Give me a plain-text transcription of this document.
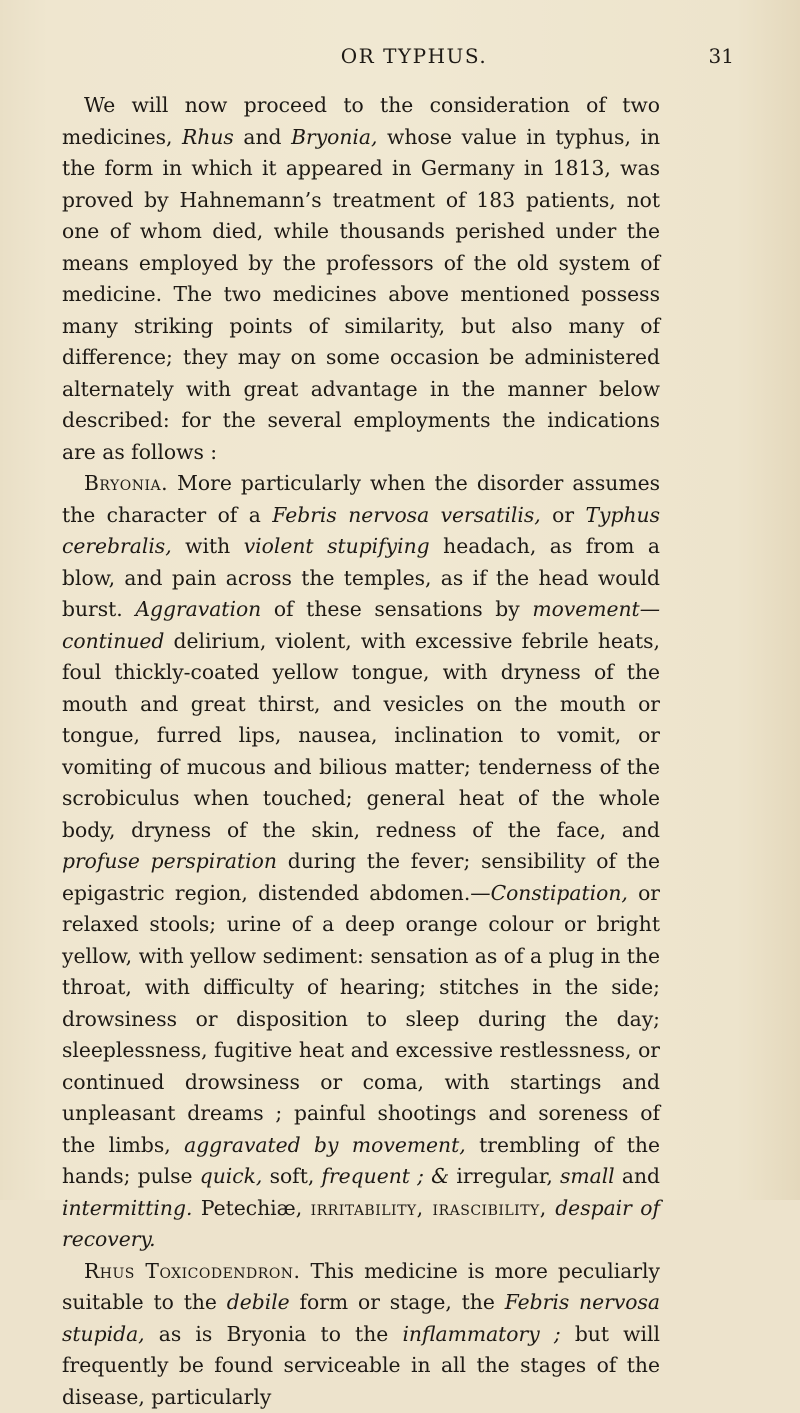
OR TYPHUS.	31

We will now proceed to the consideration of two medicines, Rhus and Bryonia, whose value in typhus, in the form in which it appeared in Germany in 1813, was proved by Hahnemann’s treatment of 183 patients, not one of whom died, while thousands perished under the means employed by the professors of the old system of medicine. The two medicines above mentioned possess many striking points of similarity, but also many of difference; they may on some occasion be administered alternately with great advantage in the manner below described: for the several employments the indications are as follows :

Bryonia. More particularly when the disorder assumes the character of a Febris nervosa versatilis, or Typhus cerebralis, with violent stupifying headach, as from a blow, and pain across the temples, as if the head would burst. Aggravation of these sensations by movement—continued delirium, violent, with excessive febrile heats, foul thickly-coated yellow tongue, with dryness of the mouth and great thirst, and vesicles on the mouth or tongue, furred lips, nausea, inclination to vomit, or vomiting of mucous and bilious matter; tenderness of the scrobiculus when touched; general heat of the whole body, dryness of the skin, redness of the face, and profuse perspiration during the fever; sensibility of the epigastric region, distended abdomen.—Constipation, or relaxed stools; urine of a deep orange colour or bright yellow, with yellow sediment: sensation as of a plug in the throat, with difficulty of hearing; stitches in the side; drowsiness or disposition to sleep during the day; sleeplessness, fugitive heat and excessive restlessness, or continued drowsiness or coma, with startings and unpleasant dreams ; painful shootings and soreness of the limbs, aggravated by movement, trembling of the hands; pulse quick, soft, frequent ; & irregular, small and intermitting. Petechiæ, irritability, irascibility, despair of recovery.

Rhus Toxicodendron. This medicine is more peculiarly suitable to the debile form or stage, the Febris nervosa stupida, as is Bryonia to the inflammatory ; but will frequently be found serviceable in all the stages of the disease, particularly
